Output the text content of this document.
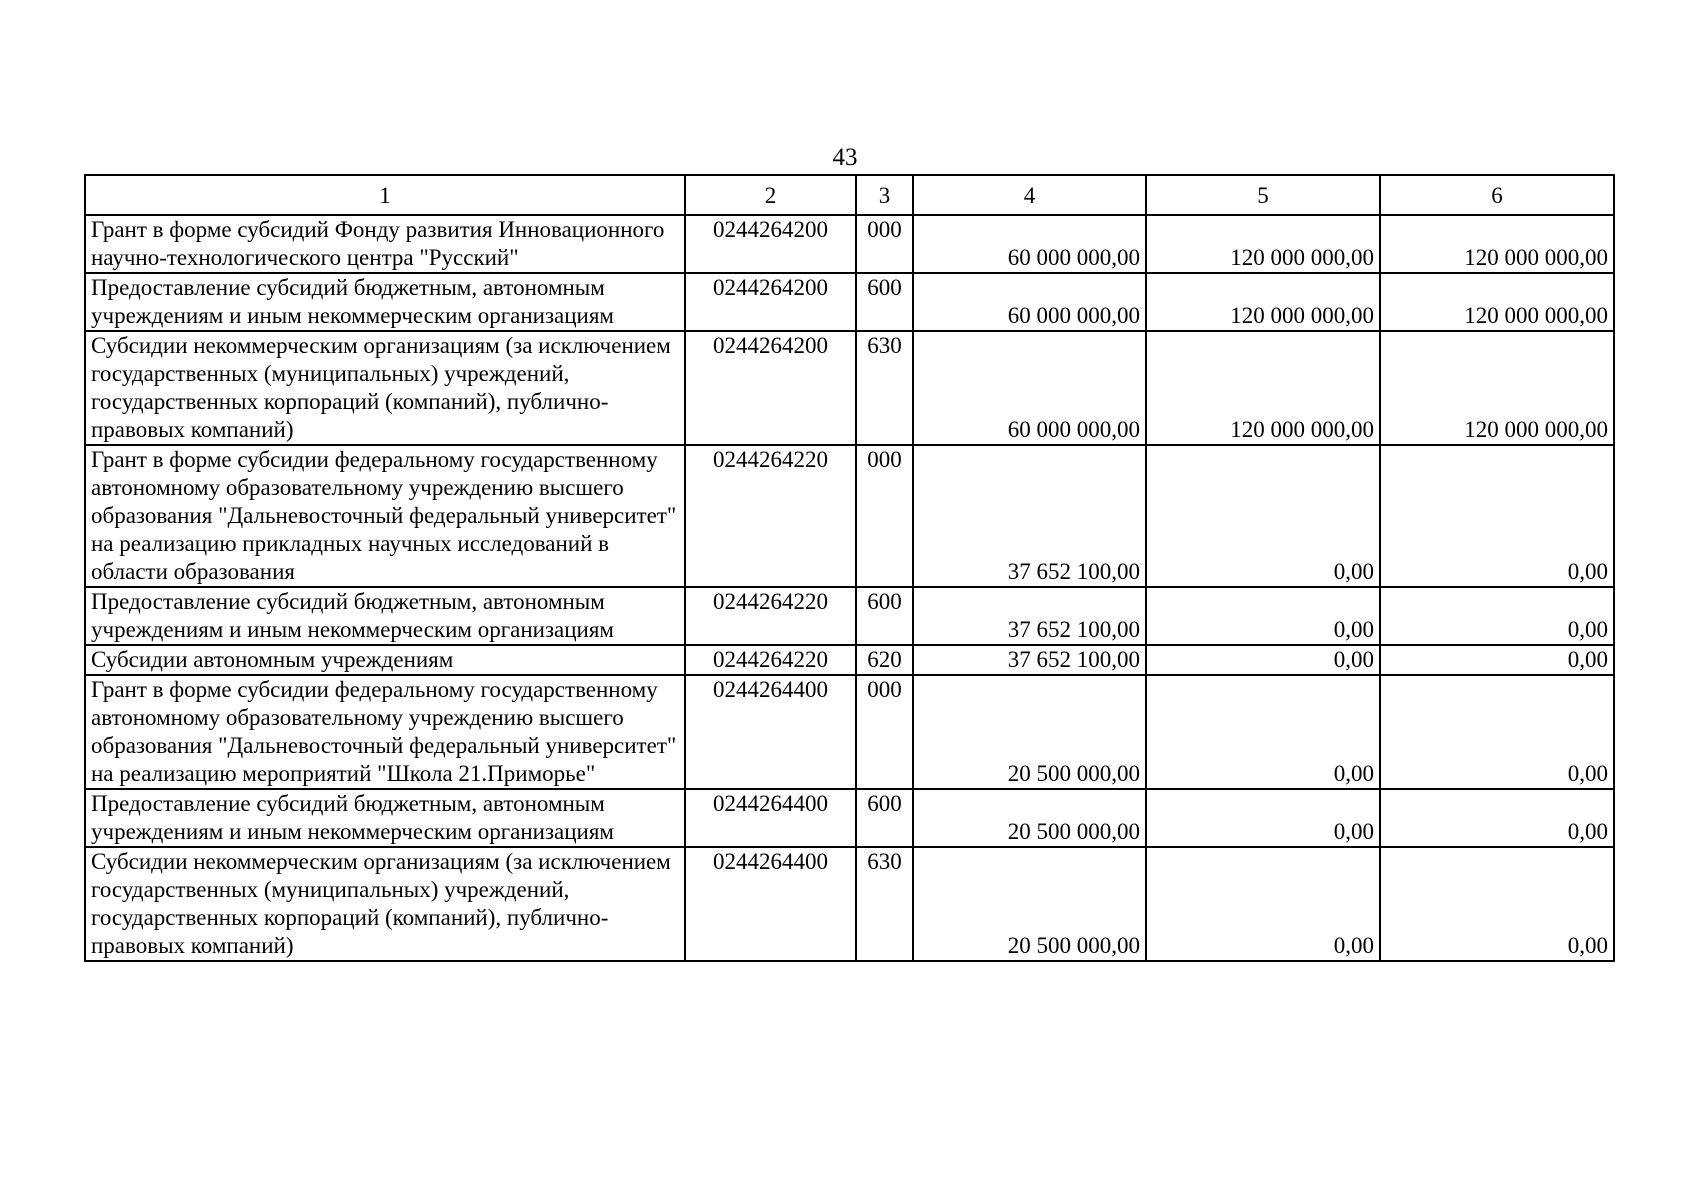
43
1	2	3	4	5	6
Грант в форме субсидий Фонду развития Инновационного научно-технологического центра "Русский"	0244264200	000	60 000 000,00	120 000 000,00	120 000 000,00
Предоставление субсидий бюджетным, автономным учреждениям и иным некоммерческим организациям	0244264200	600	60 000 000,00	120 000 000,00	120 000 000,00
Субсидии некоммерческим организациям (за исключением государственных (муниципальных) учреждений, государственных корпораций (компаний), публично-правовых компаний)	0244264200	630	60 000 000,00	120 000 000,00	120 000 000,00
Грант в форме субсидии федеральному государственному автономному образовательному учреждению высшего образования "Дальневосточный федеральный университет" на реализацию прикладных научных исследований в области образования	0244264220	000	37 652 100,00	0,00	0,00
Предоставление субсидий бюджетным, автономным учреждениям и иным некоммерческим организациям	0244264220	600	37 652 100,00	0,00	0,00
Субсидии автономным учреждениям	0244264220	620	37 652 100,00	0,00	0,00
Грант в форме субсидии федеральному государственному автономному образовательному учреждению высшего образования "Дальневосточный федеральный университет" на реализацию мероприятий "Школа 21.Приморье"	0244264400	000	20 500 000,00	0,00	0,00
Предоставление субсидий бюджетным, автономным учреждениям и иным некоммерческим организациям	0244264400	600	20 500 000,00	0,00	0,00
Субсидии некоммерческим организациям (за исключением государственных (муниципальных) учреждений, государственных корпораций (компаний), публично-правовых компаний)	0244264400	630	20 500 000,00	0,00	0,00
